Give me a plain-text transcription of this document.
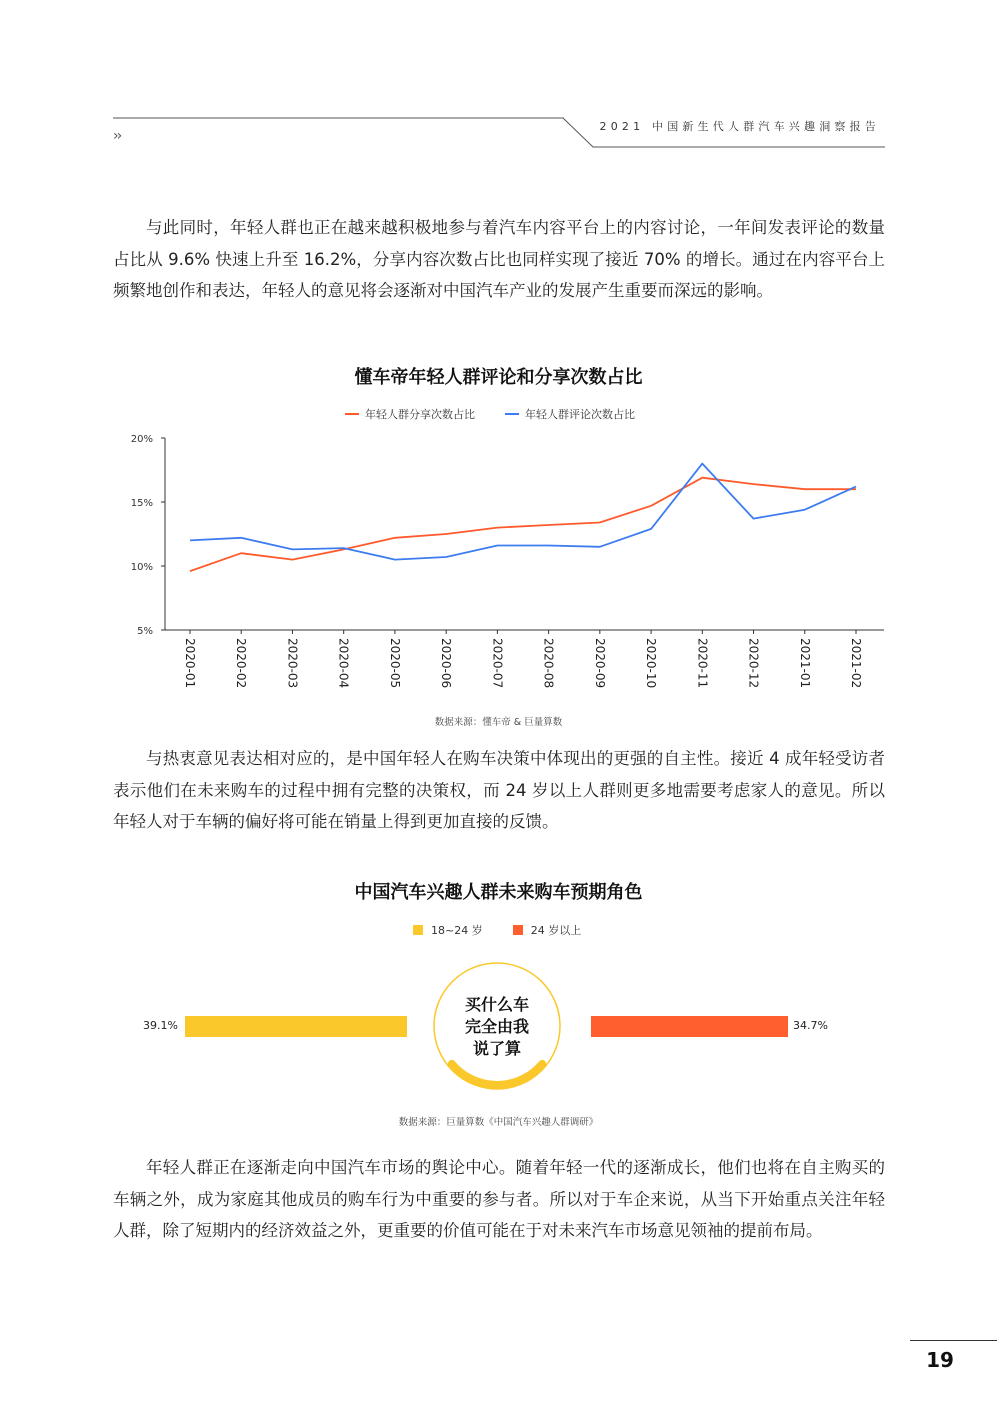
2021 中国新生代人群汽车兴趣洞察报告
››

与此同时，年轻人群也正在越来越积极地参与着汽车内容平台上的内容讨论，一年间发表评论的数量占比从 9.6% 快速上升至 16.2%，分享内容次数占比也同样实现了接近 70% 的增长。通过在内容平台上频繁地创作和表达，年轻人的意见将会逐渐对中国汽车产业的发展产生重要而深远的影响。

懂车帝年轻人群评论和分享次数占比
年轻人群分享次数占比	年轻人群评论次数占比
20%
15%
10%
5%
2020-01	2020-02	2020-03	2020-04	2020-05	2020-06	2020-07	2020-08	2020-09	2020-10	2020-11	2020-12	2021-01	2021-02
数据来源：懂车帝 & 巨量算数

与热衷意见表达相对应的，是中国年轻人在购车决策中体现出的更强的自主性。接近 4 成年轻受访者表示他们在未来购车的过程中拥有完整的决策权，而 24 岁以上人群则更多地需要考虑家人的意见。所以年轻人对于车辆的偏好将可能在销量上得到更加直接的反馈。

中国汽车兴趣人群未来购车预期角色
18~24 岁	24 岁以上
39.1%	34.7%
买什么车
完全由我
说了算
数据来源：巨量算数《中国汽车兴趣人群调研》

年轻人群正在逐渐走向中国汽车市场的舆论中心。随着年轻一代的逐渐成长，他们也将在自主购买的车辆之外，成为家庭其他成员的购车行为中重要的参与者。所以对于车企来说，从当下开始重点关注年轻人群，除了短期内的经济效益之外，更重要的价值可能在于对未来汽车市场意见领袖的提前布局。

19
